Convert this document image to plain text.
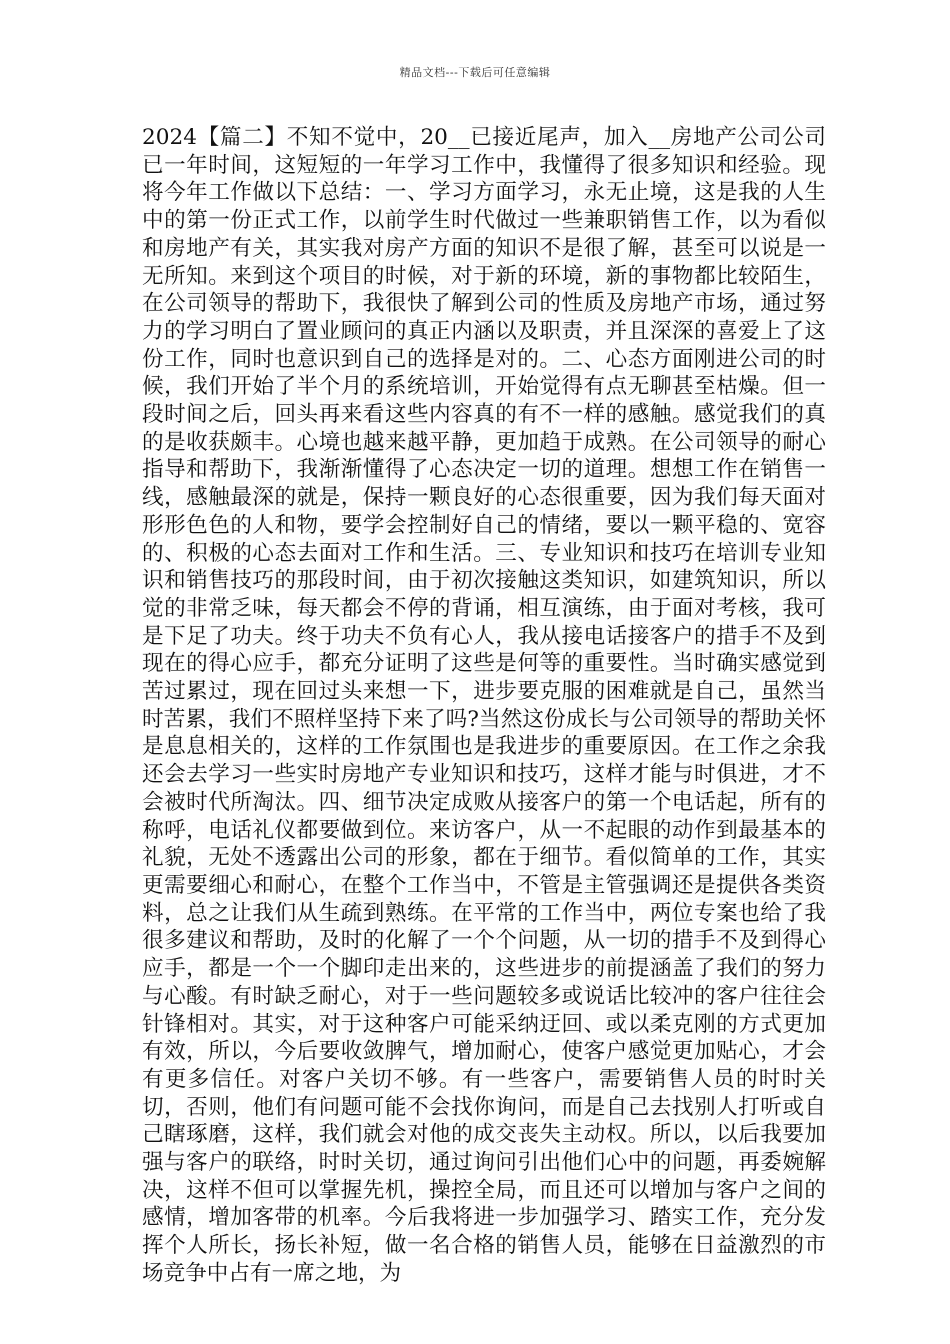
精品文档---下载后可任意编辑

2024【篇二】不知不觉中，20__已接近尾声，加入__房地产公司公司已一年时间，这短短的一年学习工作中，我懂得了很多知识和经验。现将今年工作做以下总结：一、学习方面学习，永无止境，这是我的人生中的第一份正式工作，以前学生时代做过一些兼职销售工作，以为看似和房地产有关，其实我对房产方面的知识不是很了解，甚至可以说是一无所知。来到这个项目的时候，对于新的环境，新的事物都比较陌生，在公司领导的帮助下，我很快了解到公司的性质及房地产市场，通过努力的学习明白了置业顾问的真正内涵以及职责，并且深深的喜爱上了这份工作，同时也意识到自己的选择是对的。二、心态方面刚进公司的时候，我们开始了半个月的系统培训，开始觉得有点无聊甚至枯燥。但一段时间之后，回头再来看这些内容真的有不一样的感触。感觉我们的真的是收获颇丰。心境也越来越平静，更加趋于成熟。在公司领导的耐心指导和帮助下，我渐渐懂得了心态决定一切的道理。想想工作在销售一线，感触最深的就是，保持一颗良好的心态很重要，因为我们每天面对形形色色的人和物，要学会控制好自己的情绪，要以一颗平稳的、宽容的、积极的心态去面对工作和生活。三、专业知识和技巧在培训专业知识和销售技巧的那段时间，由于初次接触这类知识，如建筑知识，所以觉的非常乏味，每天都会不停的背诵，相互演练，由于面对考核，我可是下足了功夫。终于功夫不负有心人，我从接电话接客户的措手不及到现在的得心应手，都充分证明了这些是何等的重要性。当时确实感觉到苦过累过，现在回过头来想一下，进步要克服的困难就是自己，虽然当时苦累，我们不照样坚持下来了吗?当然这份成长与公司领导的帮助关怀是息息相关的，这样的工作氛围也是我进步的重要原因。在工作之余我还会去学习一些实时房地产专业知识和技巧，这样才能与时俱进，才不会被时代所淘汰。四、细节决定成败从接客户的第一个电话起，所有的称呼，电话礼仪都要做到位。来访客户，从一不起眼的动作到最基本的礼貌，无处不透露出公司的形象，都在于细节。看似简单的工作，其实更需要细心和耐心，在整个工作当中，不管是主管强调还是提供各类资料，总之让我们从生疏到熟练。在平常的工作当中，两位专案也给了我很多建议和帮助，及时的化解了一个个问题，从一切的措手不及到得心应手，都是一个一个脚印走出来的，这些进步的前提涵盖了我们的努力与心酸。有时缺乏耐心，对于一些问题较多或说话比较冲的客户往往会针锋相对。其实，对于这种客户可能采纳迂回、或以柔克刚的方式更加有效，所以，今后要收敛脾气，增加耐心，使客户感觉更加贴心，才会有更多信任。对客户关切不够。有一些客户，需要销售人员的时时关切，否则，他们有问题可能不会找你询问，而是自己去找别人打听或自己瞎琢磨，这样，我们就会对他的成交丧失主动权。所以，以后我要加强与客户的联络，时时关切，通过询问引出他们心中的问题，再委婉解决，这样不但可以掌握先机，操控全局，而且还可以增加与客户之间的感情，增加客带的机率。今后我将进一步加强学习、踏实工作，充分发挥个人所长，扬长补短，做一名合格的销售人员，能够在日益激烈的市场竞争中占有一席之地，为
